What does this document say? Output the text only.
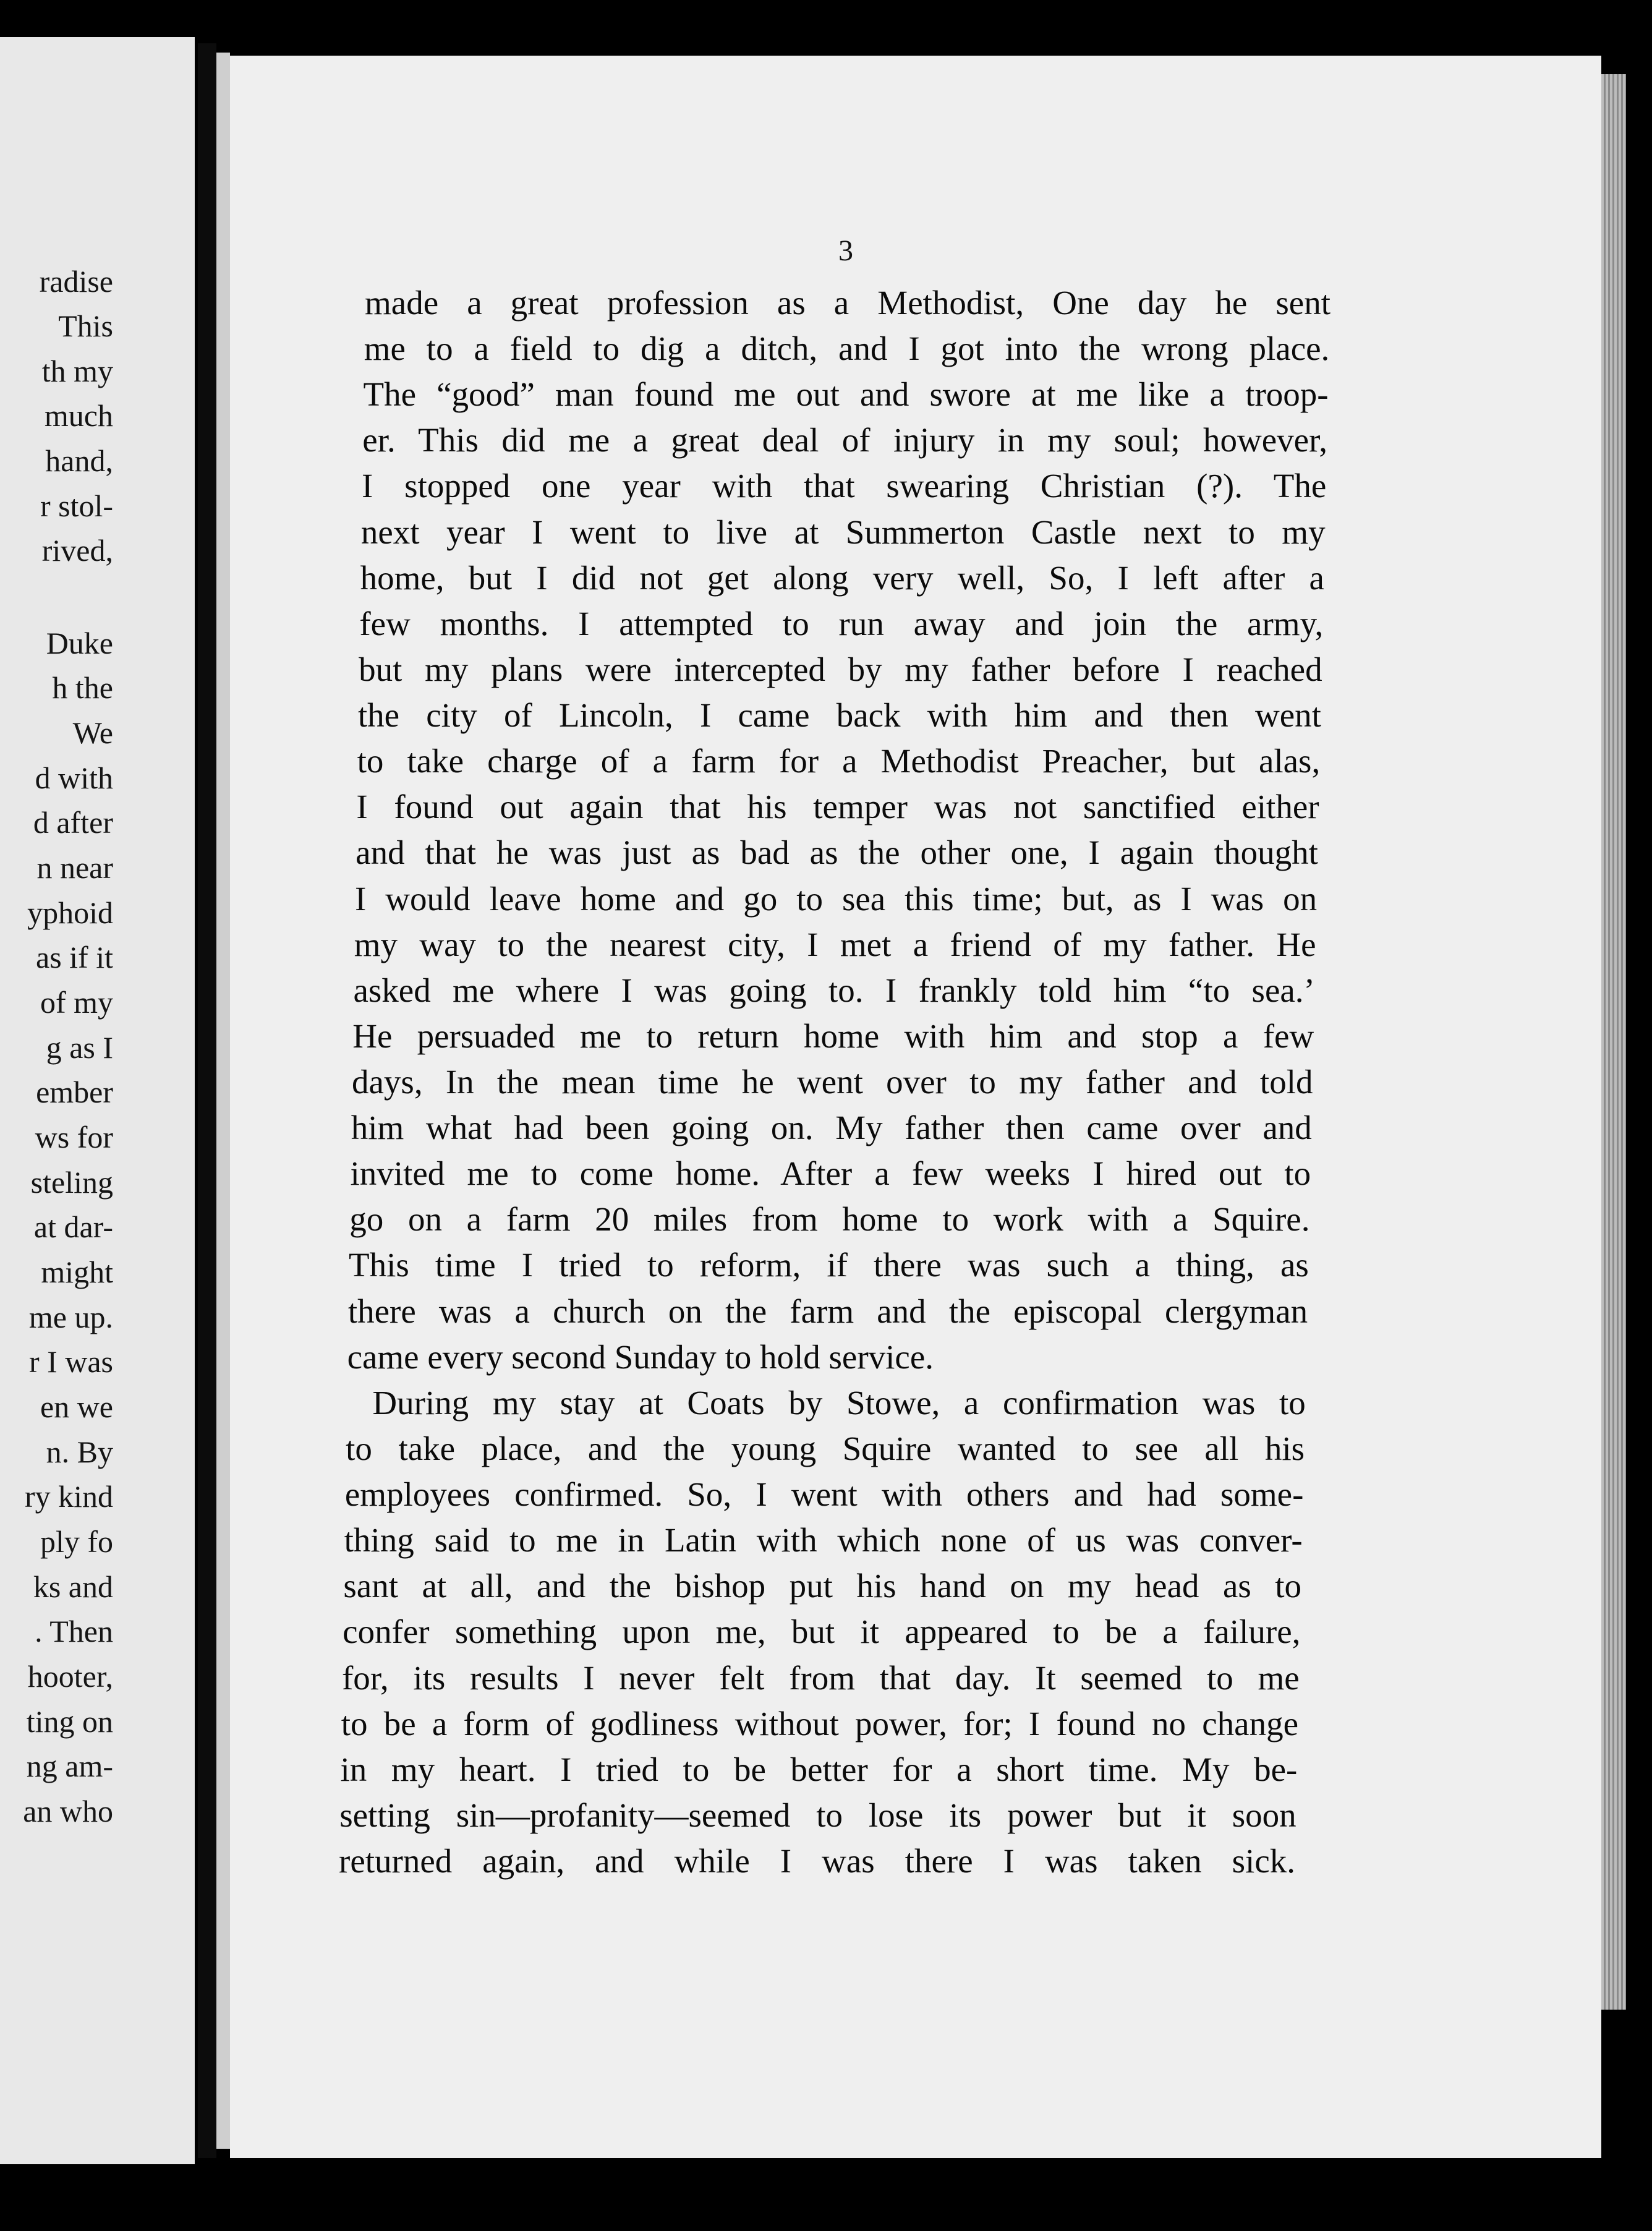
radise
This
th my
much
hand,
r stol-
rived,
Duke
h the
We
d with
d after
n near
yphoid
as if it
of my
g as I
ember
ws for
steling
at dar-
might
me up.
r I was
en we
n. By
ry kind
ply fo
ks and
. Then
hooter,
ting on
ng am-
an who
3
made a great profession as a Methodist, One day he sent
me to a field to dig a ditch, and I got into the wrong place.
The “good” man found me out and swore at me like a troop-
er. This did me a great deal of injury in my soul; however,
I stopped one year with that swearing Christian (?). The
next year I went to live at Summerton Castle next to my
home, but I did not get along very well, So, I left after a
few months. I attempted to run away and join the army,
but my plans were intercepted by my father before I reached
the city of Lincoln, I came back with him and then went
to take charge of a farm for a Methodist Preacher, but alas,
I found out again that his temper was not sanctified either
and that he was just as bad as the other one, I again thought
I would leave home and go to sea this time; but, as I was on
my way to the nearest city, I met a friend of my father. He
asked me where I was going to. I frankly told him “to sea.’
He persuaded me to return home with him and stop a few
days, In the mean time he went over to my father and told
him what had been going on. My father then came over and
invited me to come home. After a few weeks I hired out to
go on a farm 20 miles from home to work with a Squire.
This time I tried to reform, if there was such a thing, as
there was a church on the farm and the episcopal clergyman
came every second Sunday to hold service.
During my stay at Coats by Stowe, a confirmation was to
to take place, and the young Squire wanted to see all his
employees confirmed. So, I went with others and had some-
thing said to me in Latin with which none of us was conver-
sant at all, and the bishop put his hand on my head as to
confer something upon me, but it appeared to be a failure,
for, its results I never felt from that day. It seemed to me
to be a form of godliness without power, for; I found no change
in my heart. I tried to be better for a short time. My be-
setting sin—profanity—seemed to lose its power but it soon
returned again, and while I was there I was taken sick.
